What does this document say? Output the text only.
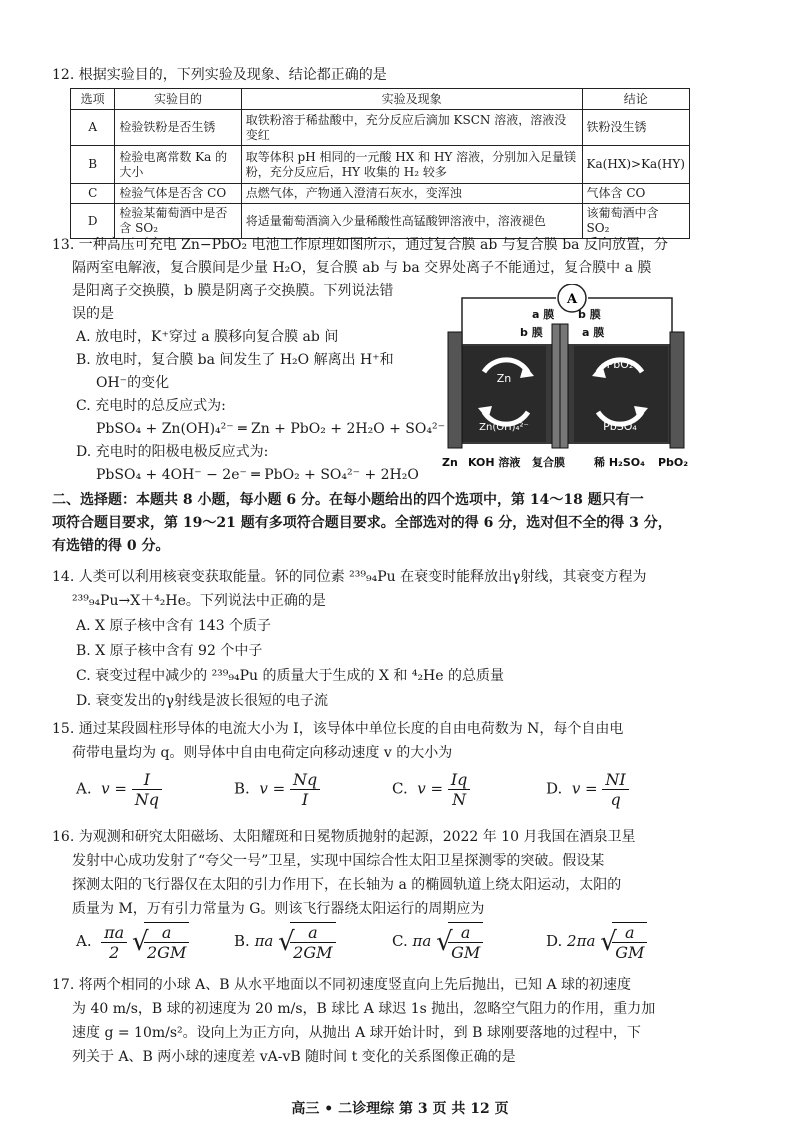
12. 根据实验目的，下列实验及现象、结论都正确的是
选项	实验目的	实验及现象	结论
A	检验铁粉是否生锈	取铁粉溶于稀盐酸中，充分反应后滴加 KSCN 溶液，溶液没变红	铁粉没生锈
B	检验电离常数 Ka 的大小	取等体积 pH 相同的一元酸 HX 和 HY 溶液，分别加入足量镁粉，充分反应后，HY 收集的 H₂ 较多	Ka(HX)>Ka(HY)
C	检验气体是否含 CO	点燃气体，产物通入澄清石灰水，变浑浊	气体含 CO
D	检验某葡萄酒中是否含 SO₂	将适量葡萄酒滴入少量稀酸性高锰酸钾溶液中，溶液褪色	该葡萄酒中含 SO₂
13. 一种高压可充电 Zn−PbO₂ 电池工作原理如图所示，通过复合膜 ab 与复合膜 ba 反向放置，分
隔两室电解液，复合膜间是少量 H₂O，复合膜 ab 与 ba 交界处离子不能通过，复合膜中 a 膜
是阳离子交换膜，b 膜是阴离子交换膜。下列说法错
误的是
A. 放电时，K⁺穿过 a 膜移向复合膜 ab 间
B. 放电时，复合膜 ba 间发生了 H₂O 解离出 H⁺和
OH⁻的变化
C. 充电时的总反应式为:
PbSO₄ + Zn(OH)₄²⁻ ═ Zn + PbO₂ + 2H₂O + SO₄²⁻
D. 充电时的阳极电极反应式为:
PbSO₄ + 4OH⁻ − 2e⁻ ═ PbO₂ + SO₄²⁻ + 2H₂O
A
a 膜
b 膜
b 膜
a 膜
Zn
Zn(OH)₄²⁻
PbO₂
PbSO₄
Zn KOH 溶液 复合膜	稀 H₂SO₄ PbO₂
二、选择题：本题共 8 小题，每小题 6 分。在每小题给出的四个选项中，第 14～18 题只有一
项符合题目要求，第 19～21 题有多项符合题目要求。全部选对的得 6 分，选对但不全的得 3 分，
有选错的得 0 分。
14. 人类可以利用核衰变获取能量。钚的同位素 ²³⁹₉₄Pu 在衰变时能释放出γ射线，其衰变方程为
²³⁹₉₄Pu→X＋⁴₂He。下列说法中正确的是
A. X 原子核中含有 143 个质子
B. X 原子核中含有 92 个中子
C. 衰变过程中减少的 ²³⁹₉₄Pu 的质量大于生成的 X 和 ⁴₂He 的总质量
D. 衰变发出的γ射线是波长很短的电子流
15. 通过某段圆柱形导体的电流大小为 I，该导体中单位长度的自由电荷数为 N，每个自由电
荷带电量均为 q。则导体中自由电荷定向移动速度 v 的大小为
A. $v = \frac{I}{Nq}$	B. $v = \frac{Nq}{I}$	C. $v = \frac{Iq}{N}$	D. $v = \frac{NI}{q}$
16. 为观测和研究太阳磁场、太阳耀斑和日冕物质抛射的起源，2022 年 10 月我国在酒泉卫星
发射中心成功发射了“夸父一号”卫星，实现中国综合性太阳卫星探测零的突破。假设某
探测太阳的飞行器仅在太阳的引力作用下，在长轴为 a 的椭圆轨道上绕太阳运动，太阳的
质量为 M，万有引力常量为 G。则该飞行器绕太阳运行的周期应为
A. $\frac{\pi a}{2}$
√
$\frac{a}{2GM}$	B. πa √
$\frac{a}{2GM}$	C. πa √
$\frac{a}{GM}$	D. 2πa √
$\frac{a}{GM}$
17. 将两个相同的小球 A、B 从水平地面以不同初速度竖直向上先后抛出，已知 A 球的初速度
为 40 m/s，B 球的初速度为 20 m/s，B 球比 A 球迟 1s 抛出，忽略空气阻力的作用，重力加
速度 g = 10m/s²。设向上为正方向，从抛出 A 球开始计时，到 B 球刚要落地的过程中，下
列关于 A、B 两小球的速度差 vA-vB 随时间 t 变化的关系图像正确的是
高三 • 二诊理综 第 3 页 共 12 页
